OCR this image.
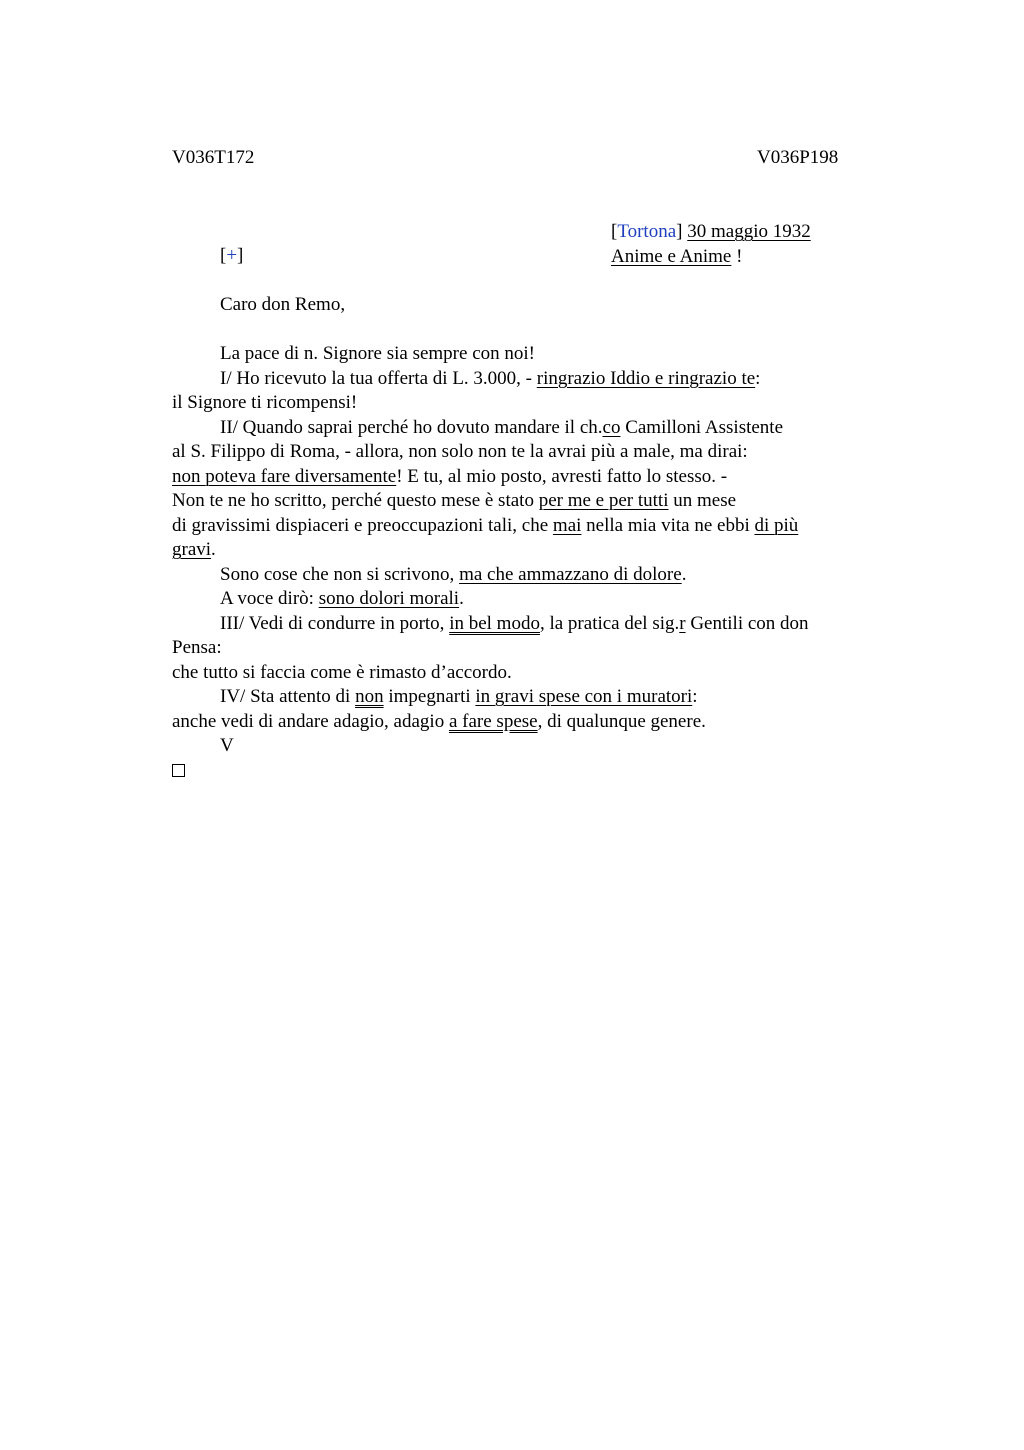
V036T172	V036P198
[Tortona] 30 maggio 1932
Anime e Anime !
[+]
Caro don Remo,
La pace di n. Signore sia sempre con noi!
I/ Ho ricevuto la tua offerta di L. 3.000, - ringrazio Iddio e ringrazio te:
il Signore ti ricompensi!
II/ Quando saprai perché ho dovuto mandare il ch.co Camilloni Assistente
al S. Filippo di Roma, - allora, non solo non te la avrai più a male, ma dirai:
non poteva fare diversamente! E tu, al mio posto, avresti fatto lo stesso. -
Non te ne ho scritto, perché questo mese è stato per me e per tutti un mese
di gravissimi dispiaceri e preoccupazioni tali, che mai nella mia vita ne ebbi di più
gravi.
Sono cose che non si scrivono, ma che ammazzano di dolore.
A voce dirò: sono dolori morali.
III/ Vedi di condurre in porto, in bel modo, la pratica del sig.r Gentili con don
Pensa:
che tutto si faccia come è rimasto d’accordo.
IV/ Sta attento di non impegnarti in gravi spese con i muratori:
anche vedi di andare adagio, adagio a fare spese, di qualunque genere.
V
